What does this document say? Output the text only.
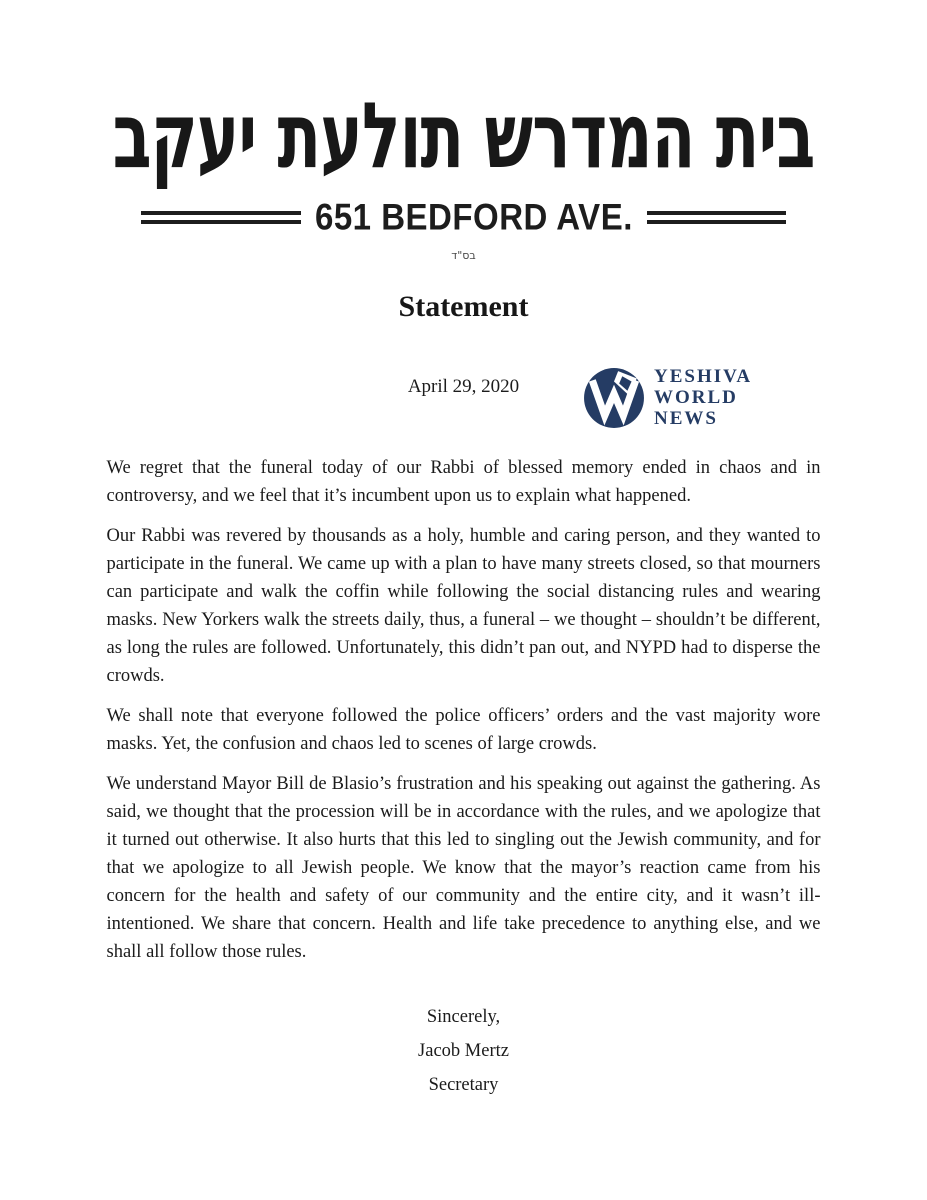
בית המדרש תולעת יעקב
651 BEDFORD AVE.
בס"ד
Statement
April 29, 2020	YESHIVA
WORLD
NEWS

We regret that the funeral today of our Rabbi of blessed memory ended in chaos and in controversy, and we feel that it’s incumbent upon us to explain what happened.

Our Rabbi was revered by thousands as a holy, humble and caring person, and they wanted to participate in the funeral. We came up with a plan to have many streets closed, so that mourners can participate and walk the coffin while following the social distancing rules and wearing masks. New Yorkers walk the streets daily, thus, a funeral – we thought – shouldn’t be different, as long the rules are followed. Unfortunately, this didn’t pan out, and NYPD had to disperse the crowds.

We shall note that everyone followed the police officers’ orders and the vast majority wore masks. Yet, the confusion and chaos led to scenes of large crowds.

We understand Mayor Bill de Blasio’s frustration and his speaking out against the gathering. As said, we thought that the procession will be in accordance with the rules, and we apologize that it turned out otherwise. It also hurts that this led to singling out the Jewish community, and for that we apologize to all Jewish people. We know that the mayor’s reaction came from his concern for the health and safety of our community and the entire city, and it wasn’t ill-intentioned. We share that concern. Health and life take precedence to anything else, and we shall all follow those rules.

Sincerely,
Jacob Mertz
Secretary
